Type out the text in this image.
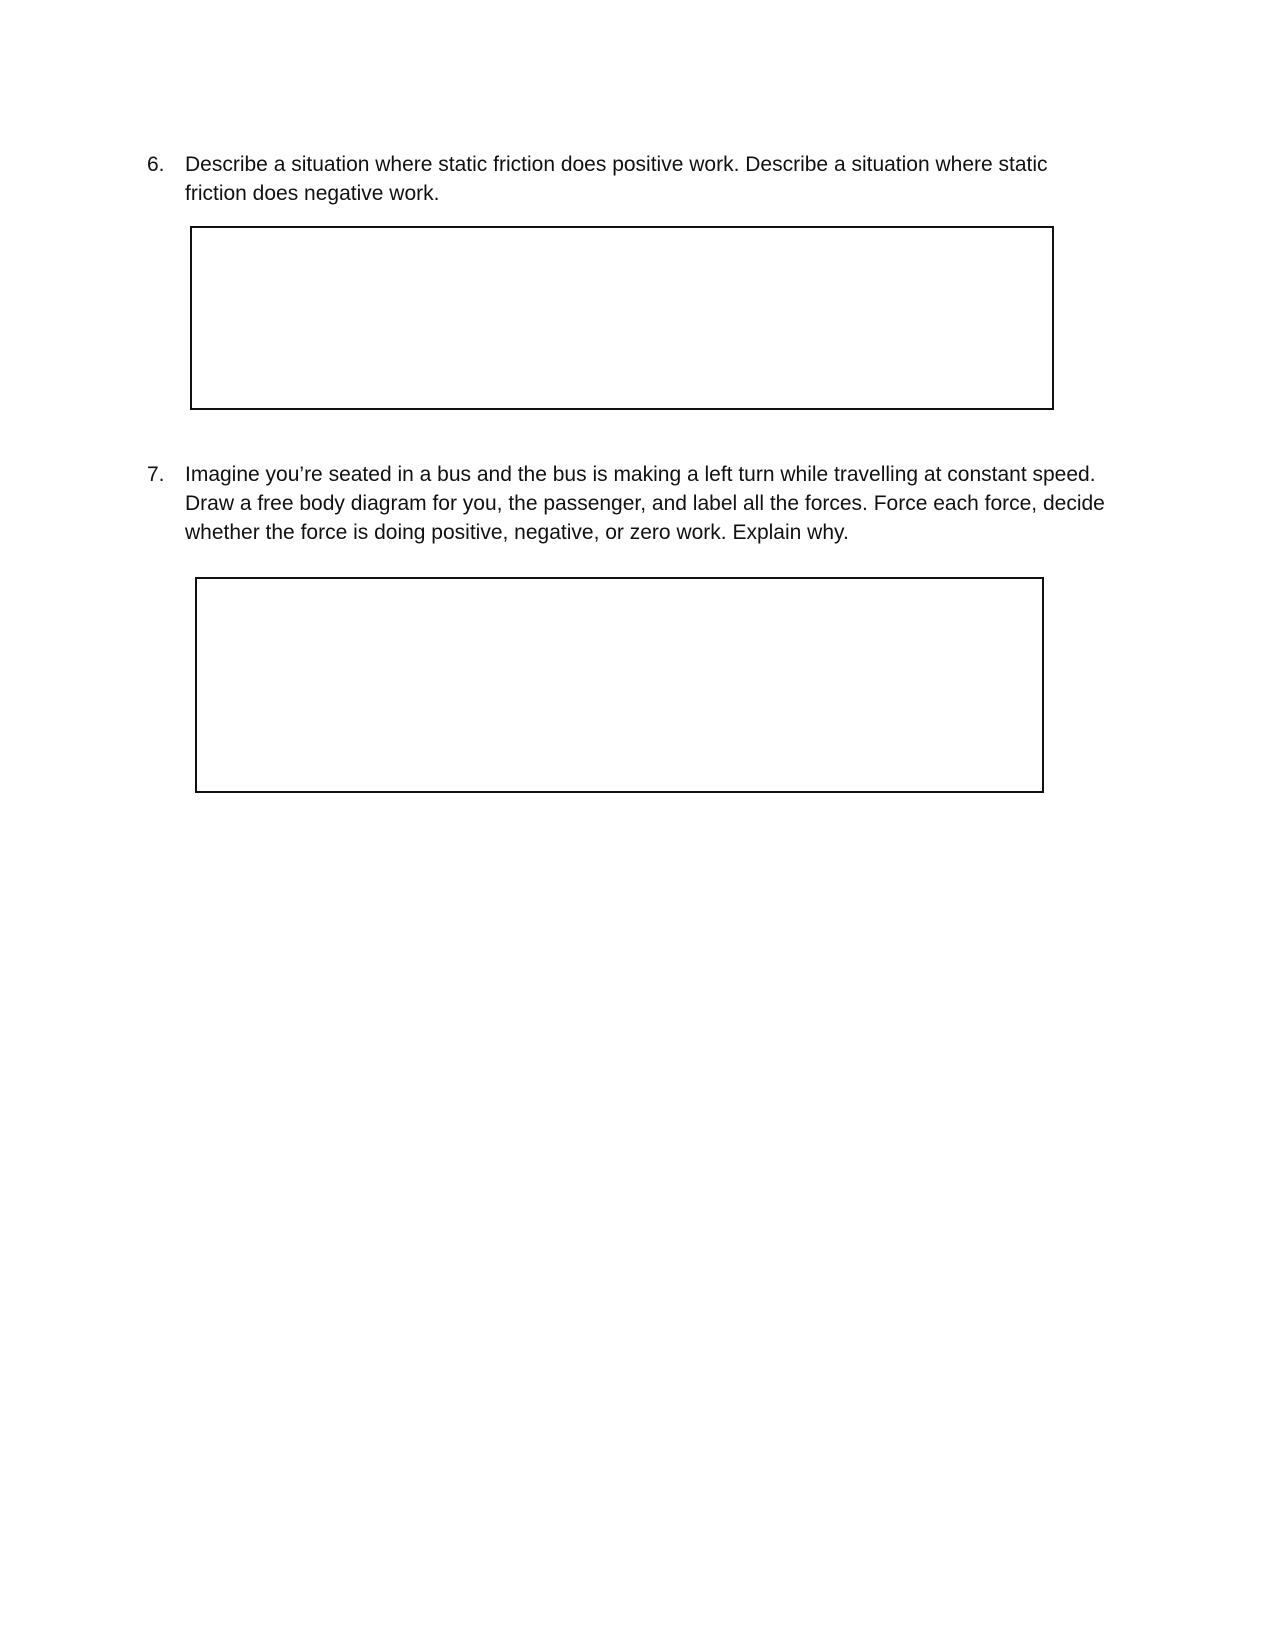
6. Describe a situation where static friction does positive work. Describe a situation where static friction does negative work.
7. Imagine you’re seated in a bus and the bus is making a left turn while travelling at constant speed. Draw a free body diagram for you, the passenger, and label all the forces. Force each force, decide whether the force is doing positive, negative, or zero work. Explain why.
